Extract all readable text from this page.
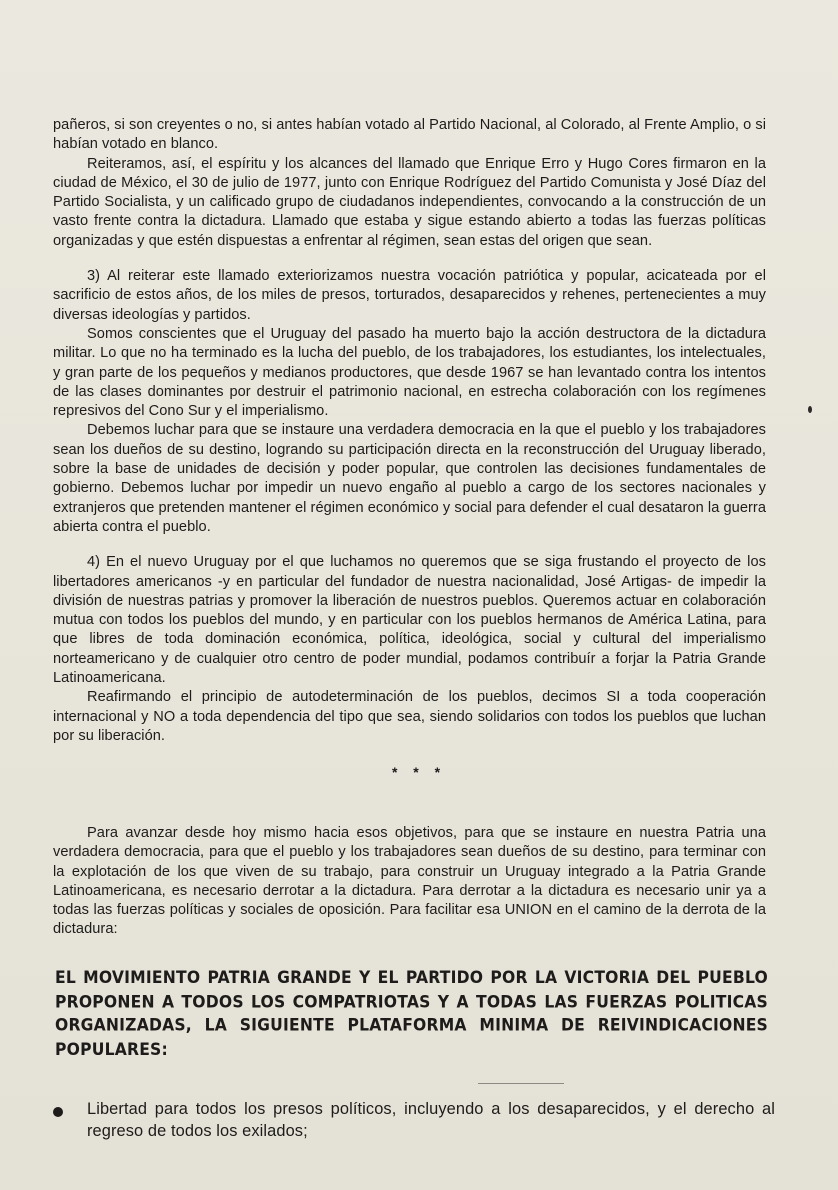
pañeros, si son creyentes o no, si antes habían votado al Partido Nacional, al Colorado, al Frente Amplio, o si habían votado en blanco.

Reiteramos, así, el espíritu y los alcances del llamado que Enrique Erro y Hugo Cores firmaron en la ciudad de México, el 30 de julio de 1977, junto con Enrique Rodríguez del Partido Comunista y José Díaz del Partido Socialista, y un calificado grupo de ciudadanos independientes, convocando a la construcción de un vasto frente contra la dictadura. Llamado que estaba y sigue estando abierto a todas las fuerzas políticas organizadas y que estén dispuestas a enfrentar al régimen, sean estas del origen que sean.

3) Al reiterar este llamado exteriorizamos nuestra vocación patriótica y popular, acicateada por el sacrificio de estos años, de los miles de presos, torturados, desaparecidos y rehenes, pertenecientes a muy diversas ideologías y partidos.

Somos conscientes que el Uruguay del pasado ha muerto bajo la acción destructora de la dictadura militar. Lo que no ha terminado es la lucha del pueblo, de los trabajadores, los estudiantes, los intelectuales, y gran parte de los pequeños y medianos productores, que desde 1967 se han levantado contra los intentos de las clases dominantes por destruir el patrimonio nacional, en estrecha colaboración con los regímenes represivos del Cono Sur y el imperialismo.

Debemos luchar para que se instaure una verdadera democracia en la que el pueblo y los trabajadores sean los dueños de su destino, logrando su participación directa en la reconstrucción del Uruguay liberado, sobre la base de unidades de decisión y poder popular, que controlen las decisiones fundamentales de gobierno. Debemos luchar por impedir un nuevo engaño al pueblo a cargo de los sectores nacionales y extranjeros que pretenden mantener el régimen económico y social para defender el cual desataron la guerra abierta contra el pueblo.

4) En el nuevo Uruguay por el que luchamos no queremos que se siga frustando el proyecto de los libertadores americanos -y en particular del fundador de nuestra nacionalidad, José Artigas- de impedir la división de nuestras patrias y promover la liberación de nuestros pueblos. Queremos actuar en colaboración mutua con todos los pueblos del mundo, y en particular con los pueblos hermanos de América Latina, para que libres de toda dominación económica, política, ideológica, social y cultural del imperialismo norteamericano y de cualquier otro centro de poder mundial, podamos contribuír a forjar la Patria Grande Latinoamericana.

Reafirmando el principio de autodeterminación de los pueblos, decimos SI a toda cooperación internacional y NO a toda dependencia del tipo que sea, siendo solidarios con todos los pueblos que luchan por su liberación.

* * *

Para avanzar desde hoy mismo hacia esos objetivos, para que se instaure en nuestra Patria una verdadera democracia, para que el pueblo y los trabajadores sean dueños de su destino, para terminar con la explotación de los que viven de su trabajo, para construir un Uruguay integrado a la Patria Grande Latinoamericana, es necesario derrotar a la dictadura. Para derrotar a la dictadura es necesario unir ya a todas las fuerzas políticas y sociales de oposición. Para facilitar esa UNION en el camino de la derrota de la dictadura:

EL MOVIMIENTO PATRIA GRANDE Y EL PARTIDO POR LA VICTORIA DEL PUEBLO PROPONEN A TODOS LOS COMPATRIOTAS Y A TODAS LAS FUERZAS POLITICAS ORGANIZADAS, LA SIGUIENTE PLATAFORMA MINIMA DE REIVINDICACIONES POPULARES:

Libertad para todos los presos políticos, incluyendo a los desaparecidos, y el derecho al regreso de todos los exilados;
